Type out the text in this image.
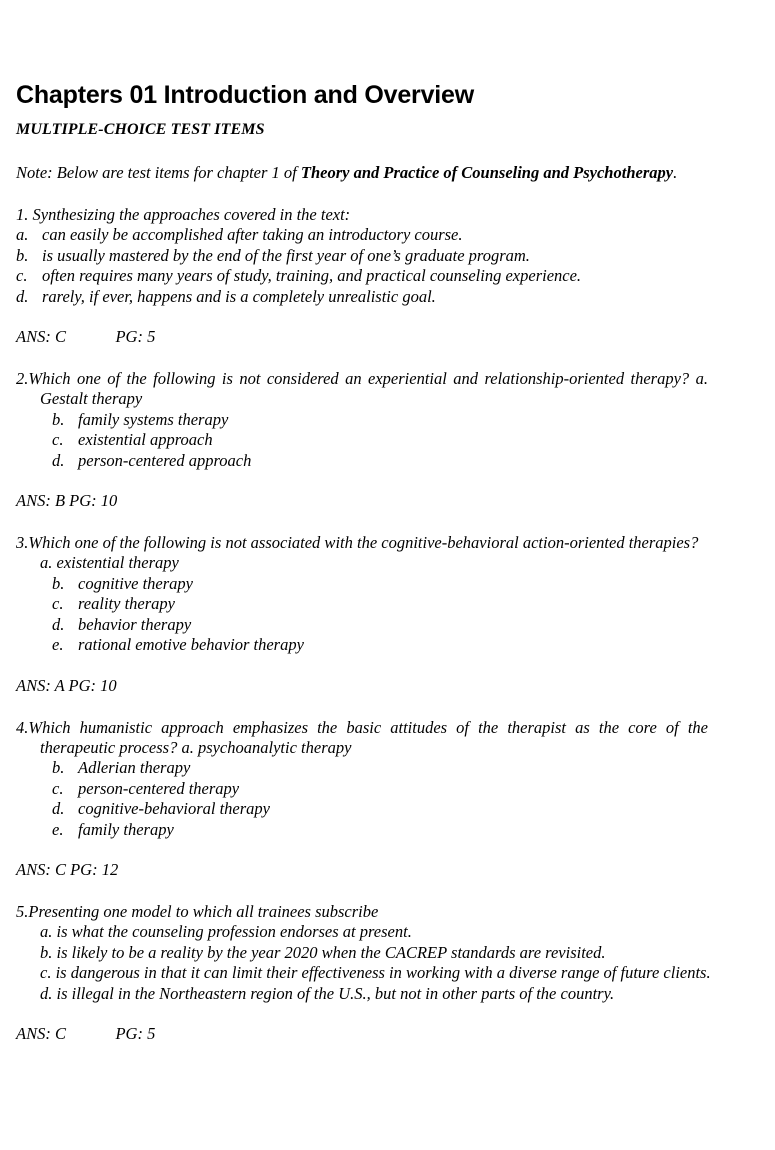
Chapters 01 Introduction and Overview
MULTIPLE-CHOICE TEST ITEMS
Note: Below are test items for chapter 1 of Theory and Practice of Counseling and Psychotherapy.
1. Synthesizing the approaches covered in the text:
a. can easily be accomplished after taking an introductory course.
b. is usually mastered by the end of the first year of one’s graduate program.
c. often requires many years of study, training, and practical counseling experience.
d. rarely, if ever, happens and is a completely unrealistic goal.
ANS: C            PG: 5
2.Which one of the following is not considered an experiential and relationship-oriented therapy? a. Gestalt therapy
b. family systems therapy
c. existential approach
d. person-centered approach
ANS: B PG: 10
3.Which one of the following is not associated with the cognitive-behavioral action-oriented therapies?
a. existential therapy
b. cognitive therapy
c. reality therapy
d. behavior therapy
e. rational emotive behavior therapy
ANS: A PG: 10
4.Which humanistic approach emphasizes the basic attitudes of the therapist as the core of the therapeutic process? a. psychoanalytic therapy
b. Adlerian therapy
c. person-centered therapy
d. cognitive-behavioral therapy
e. family therapy
ANS: C PG: 12
5.Presenting one model to which all trainees subscribe
a. is what the counseling profession endorses at present.
b. is likely to be a reality by the year 2020 when the CACREP standards are revisited.
c. is dangerous in that it can limit their effectiveness in working with a diverse range of future clients.
d. is illegal in the Northeastern region of the U.S., but not in other parts of the country.
ANS: C            PG: 5
